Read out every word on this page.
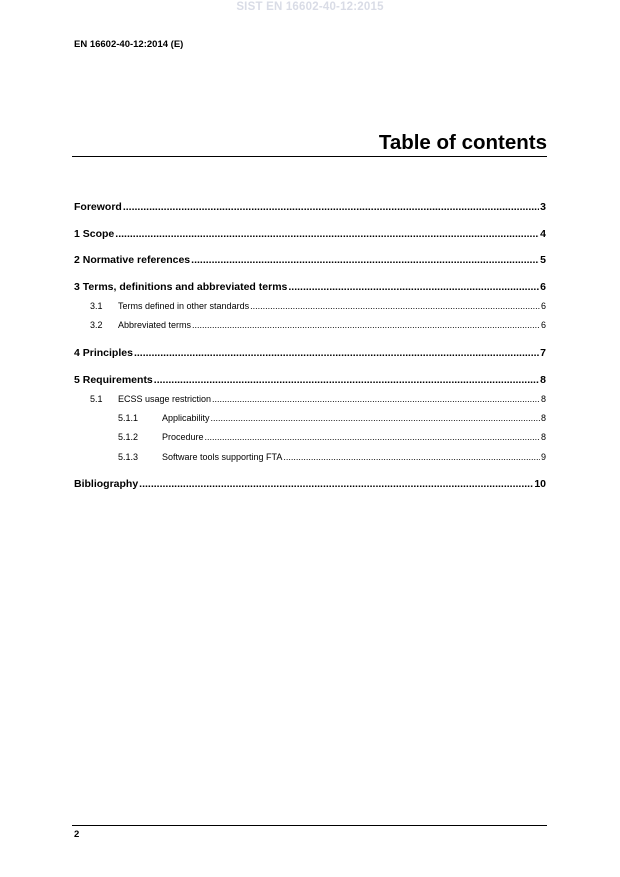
SIST EN 16602-40-12:2015
EN 16602-40-12:2014 (E)
Table of contents
Foreword .....	3
1 Scope .....	4
2 Normative references .....	5
3 Terms, definitions and abbreviated terms .....	6
3.1	Terms defined in other standards .....	6
3.2	Abbreviated terms .....	6
4 Principles .....	7
5 Requirements .....	8
5.1	ECSS usage restriction .....	8
5.1.1	Applicability .....	8
5.1.2	Procedure .....	8
5.1.3	Software tools supporting FTA .....	9
Bibliography .....	10
2
